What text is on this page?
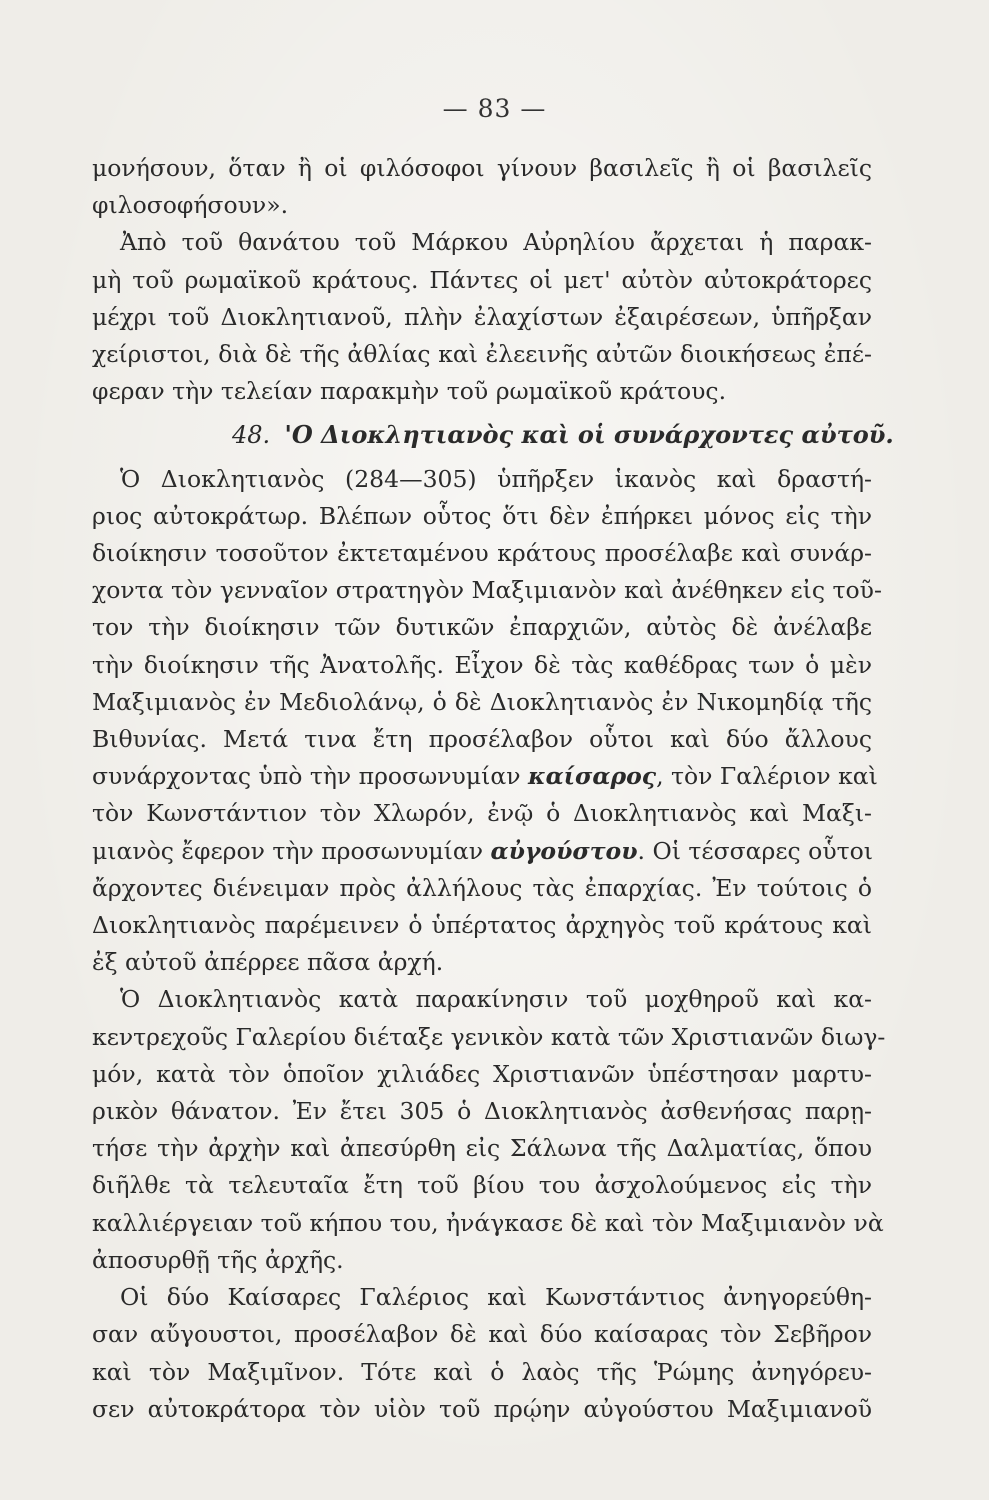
— 83 —
μονήσουν, ὅταν ἢ οἱ φιλόσοφοι γίνουν βασιλεῖς ἢ οἱ βασιλεῖς
φιλοσοφήσουν».
Ἀπὸ τοῦ θανάτου τοῦ Μάρκου Αὐρηλίου ἄρχεται ἡ παρακ-
μὴ τοῦ ρωμαϊκοῦ κράτους. Πάντες οἱ μετ' αὐτὸν αὐτοκράτορες
μέχρι τοῦ Διοκλητιανοῦ, πλὴν ἐλαχίστων ἐξαιρέσεων, ὑπῆρξαν
χείριστοι, διὰ δὲ τῆς ἀθλίας καὶ ἐλεεινῆς αὐτῶν διοικήσεως ἐπέ-
φεραν τὴν τελείαν παρακμὴν τοῦ ρωμαϊκοῦ κράτους.
48. 'Ο Διοκλητιανὸς καὶ οἱ συνάρχοντες αὐτοῦ.
Ὁ Διοκλητιανὸς (284—305) ὑπῆρξεν ἱκανὸς καὶ δραστή-
ριος αὐτοκράτωρ. Βλέπων οὗτος ὅτι δὲν ἐπήρκει μόνος εἰς τὴν
διοίκησιν τοσοῦτον ἐκτεταμένου κράτους προσέλαβε καὶ συνάρ-
χοντα τὸν γενναῖον στρατηγὸν Μαξιμιανὸν καὶ ἀνέθηκεν εἰς τοῦ-
τον τὴν διοίκησιν τῶν δυτικῶν ἐπαρχιῶν, αὐτὸς δὲ ἀνέλαβε
τὴν διοίκησιν τῆς Ἀνατολῆς. Εἶχον δὲ τὰς καθέδρας των ὁ μὲν
Μαξιμιανὸς ἐν Μεδιολάνῳ, ὁ δὲ Διοκλητιανὸς ἐν Νικομηδίᾳ τῆς
Βιθυνίας. Μετά τινα ἔτη προσέλαβον οὗτοι καὶ δύο ἄλλους
συνάρχοντας ὑπὸ τὴν προσωνυμίαν καίσαρος, τὸν Γαλέριον καὶ
τὸν Κωνστάντιον τὸν Χλωρόν, ἐνῷ ὁ Διοκλητιανὸς καὶ Μαξι-
μιανὸς ἔφερον τὴν προσωνυμίαν αὐγούστου. Οἱ τέσσαρες οὗτοι
ἄρχοντες διένειμαν πρὸς ἀλλήλους τὰς ἐπαρχίας. Ἐν τούτοις ὁ
Διοκλητιανὸς παρέμεινεν ὁ ὑπέρτατος ἀρχηγὸς τοῦ κράτους καὶ
ἐξ αὐτοῦ ἀπέρρεε πᾶσα ἀρχή.
Ὁ Διοκλητιανὸς κατὰ παρακίνησιν τοῦ μοχθηροῦ καὶ κα-
κεντρεχοῦς Γαλερίου διέταξε γενικὸν κατὰ τῶν Χριστιανῶν διωγ-
μόν, κατὰ τὸν ὁποῖον χιλιάδες Χριστιανῶν ὑπέστησαν μαρτυ-
ρικὸν θάνατον. Ἐν ἔτει 305 ὁ Διοκλητιανὸς ἀσθενήσας παρῃ-
τήσε τὴν ἀρχὴν καὶ ἀπεσύρθη εἰς Σάλωνα τῆς Δαλματίας, ὅπου
διῆλθε τὰ τελευταῖα ἔτη τοῦ βίου του ἀσχολούμενος εἰς τὴν
καλλιέργειαν τοῦ κήπου του, ἠνάγκασε δὲ καὶ τὸν Μαξιμιανὸν νὰ
ἀποσυρθῇ τῆς ἀρχῆς.
Οἱ δύο Καίσαρες Γαλέριος καὶ Κωνστάντιος ἀνηγορεύθη-
σαν αὔγουστοι, προσέλαβον δὲ καὶ δύο καίσαρας τὸν Σεβῆρον
καὶ τὸν Μαξιμῖνον. Τότε καὶ ὁ λαὸς τῆς Ῥώμης ἀνηγόρευ-
σεν αὐτοκράτορα τὸν υἱὸν τοῦ πρῴην αὐγούστου Μαξιμιανοῦ
